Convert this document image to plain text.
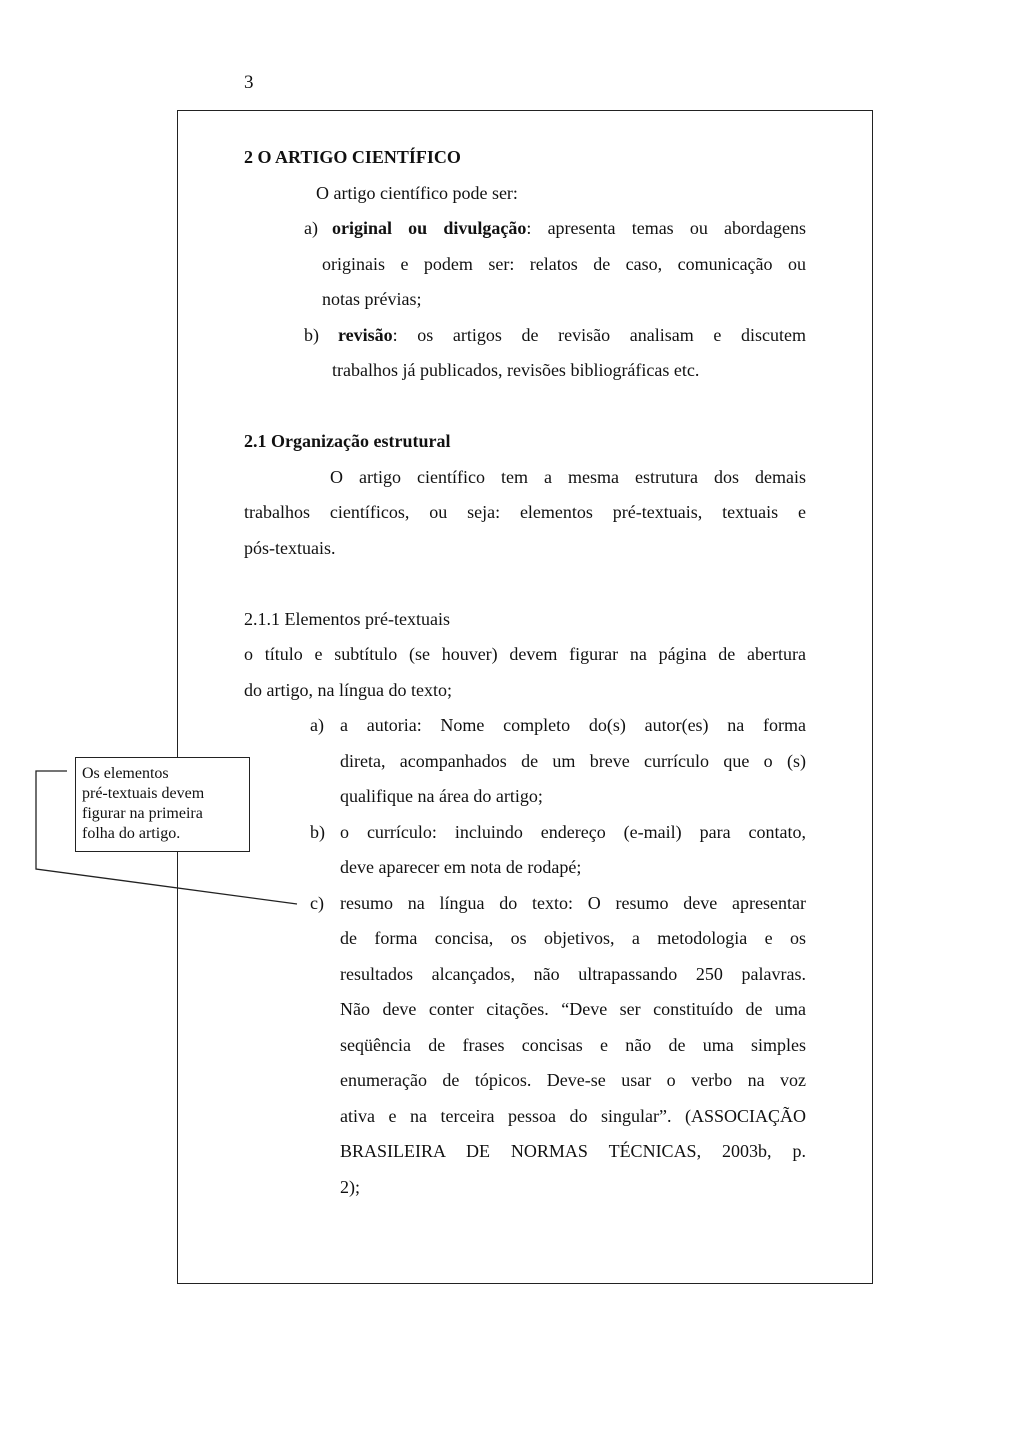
3

2 O ARTIGO CIENTÍFICO

O artigo científico pode ser:

a) original ou divulgação: apresenta temas ou abordagens

originais e podem ser: relatos de caso, comunicação ou

notas prévias;

b)	revisão: os artigos de revisão analisam e discutem

trabalhos já publicados, revisões bibliográficas etc.

2.1 Organização estrutural

O artigo científico tem a mesma estrutura dos demais

trabalhos científicos, ou seja: elementos pré-textuais, textuais e

pós-textuais.

2.1.1 Elementos pré-textuais

o título e subtítulo (se houver) devem figurar na página de abertura

do artigo, na língua do texto;

a) a autoria: Nome completo do(s) autor(es) na forma

direta, acompanhados de um breve currículo que o (s)

qualifique na área do artigo;

b) o currículo: incluindo endereço (e-mail) para contato,

deve aparecer em nota de rodapé;

c) resumo na língua do texto: O resumo deve apresentar

de forma concisa, os objetivos, a metodologia e os

resultados alcançados, não ultrapassando 250 palavras.

Não deve conter citações. “Deve ser constituído de uma

seqüência de frases concisas e não de uma simples

enumeração de tópicos. Deve-se usar o verbo na voz

ativa e na terceira pessoa do singular”. (ASSOCIAÇÃO

BRASILEIRA DE NORMAS TÉCNICAS, 2003b, p.

2);

Os elementos

pré-textuais devem

figurar na primeira

folha do artigo.
